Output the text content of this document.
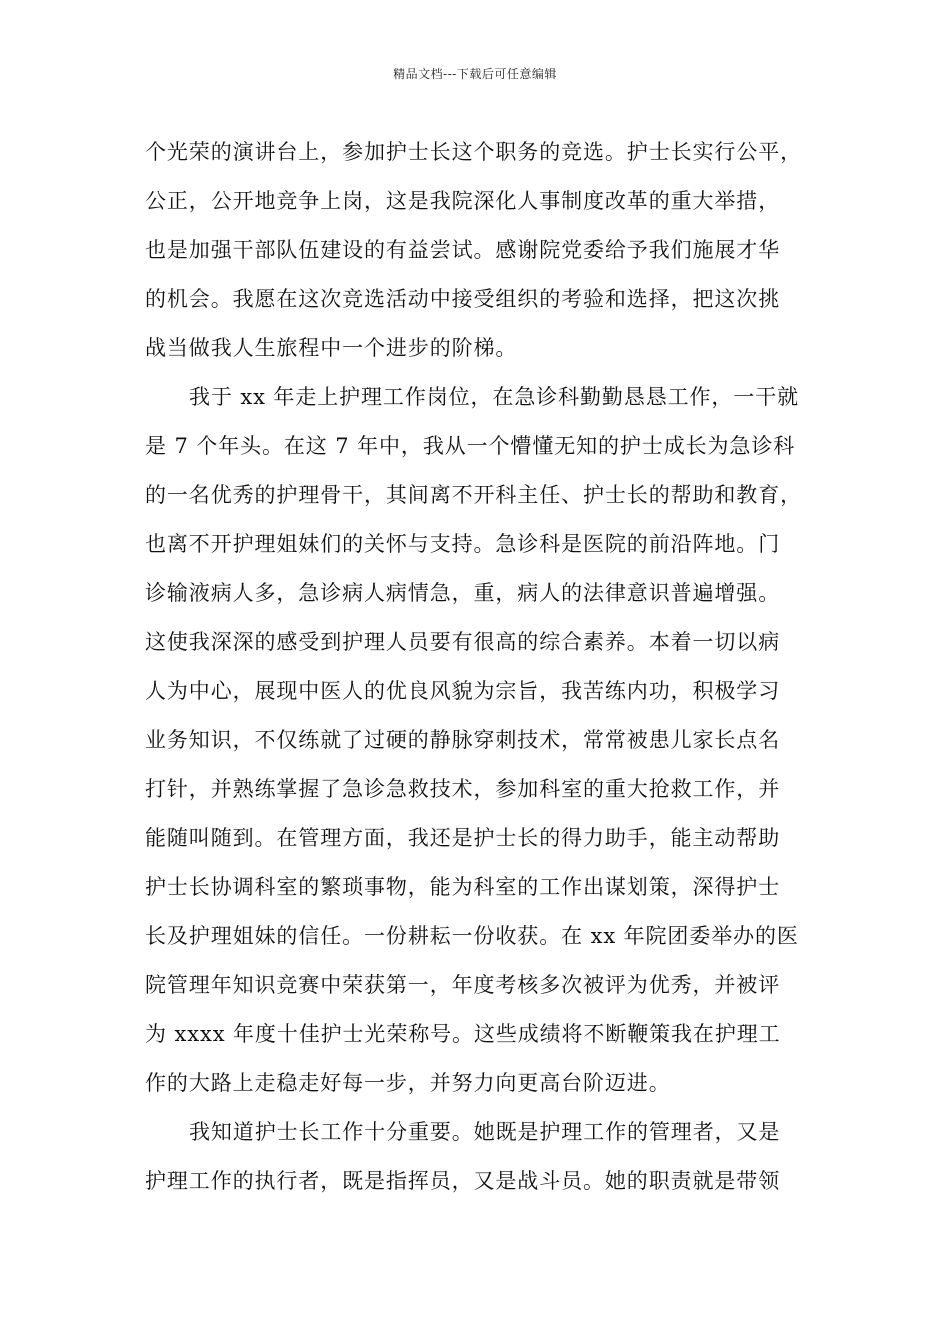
精品文档---下载后可任意编辑
个光荣的演讲台上，参加护士长这个职务的竞选。护士长实行公平，
公正，公开地竞争上岗，这是我院深化人事制度改革的重大举措，
也是加强干部队伍建设的有益尝试。感谢院党委给予我们施展才华
的机会。我愿在这次竞选活动中接受组织的考验和选择，把这次挑
战当做我人生旅程中一个进步的阶梯。
我于 xx 年走上护理工作岗位，在急诊科勤勤恳恳工作，一干就
是 7 个年头。在这 7 年中，我从一个懵懂无知的护士成长为急诊科
的一名优秀的护理骨干，其间离不开科主任、护士长的帮助和教育，
也离不开护理姐妹们的关怀与支持。急诊科是医院的前沿阵地。门
诊输液病人多，急诊病人病情急，重，病人的法律意识普遍增强。
这使我深深的感受到护理人员要有很高的综合素养。本着一切以病
人为中心，展现中医人的优良风貌为宗旨，我苦练内功，积极学习
业务知识，不仅练就了过硬的静脉穿刺技术，常常被患儿家长点名
打针，并熟练掌握了急诊急救技术，参加科室的重大抢救工作，并
能随叫随到。在管理方面，我还是护士长的得力助手，能主动帮助
护士长协调科室的繁琐事物，能为科室的工作出谋划策，深得护士
长及护理姐妹的信任。一份耕耘一份收获。在 xx 年院团委举办的医
院管理年知识竞赛中荣获第一，年度考核多次被评为优秀，并被评
为 xxxx 年度十佳护士光荣称号。这些成绩将不断鞭策我在护理工
作的大路上走稳走好每一步，并努力向更高台阶迈进。
我知道护士长工作十分重要。她既是护理工作的管理者，又是
护理工作的执行者，既是指挥员，又是战斗员。她的职责就是带领
